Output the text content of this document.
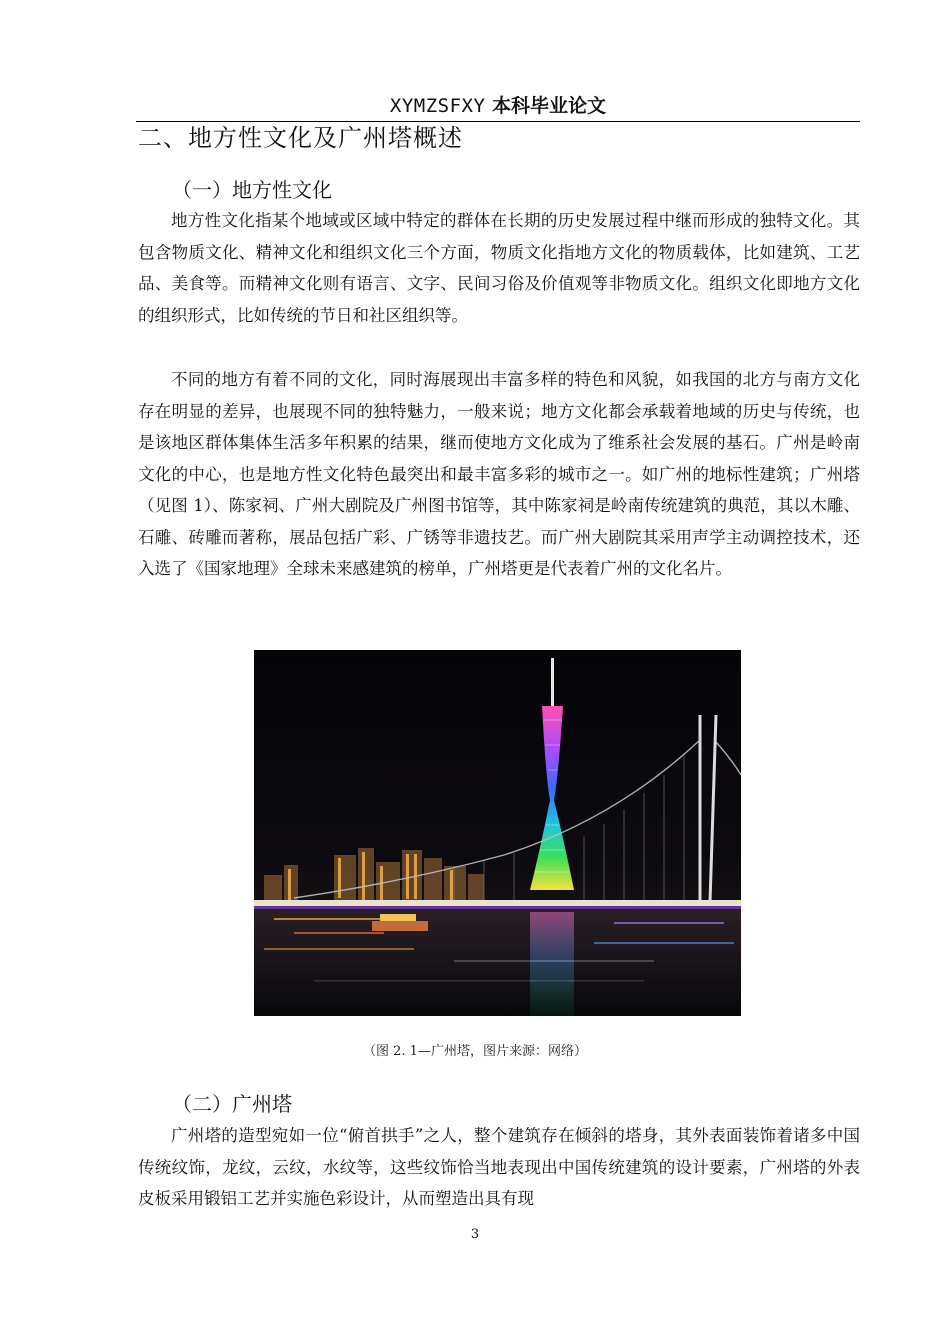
XYMZSFXY 本科毕业论文
二、地方性文化及广州塔概述
（一）地方性文化

地方性文化指某个地域或区域中特定的群体在长期的历史发展过程中继而形成的独特文化。其包含物质文化、精神文化和组织文化三个方面，物质文化指地方文化的物质载体，比如建筑、工艺品、美食等。而精神文化则有语言、文字、民间习俗及价值观等非物质文化。组织文化即地方文化的组织形式，比如传统的节日和社区组织等。

不同的地方有着不同的文化，同时海展现出丰富多样的特色和风貌，如我国的北方与南方文化存在明显的差异，也展现不同的独特魅力，一般来说；地方文化都会承载着地域的历史与传统，也是该地区群体集体生活多年积累的结果，继而使地方文化成为了维系社会发展的基石。广州是岭南文化的中心，也是地方性文化特色最突出和最丰富多彩的城市之一。如广州的地标性建筑；广州塔（见图 1）、陈家祠、广州大剧院及广州图书馆等，其中陈家祠是岭南传统建筑的典范，其以木雕、石雕、砖雕而著称，展品包括广彩、广锈等非遗技艺。而广州大剧院其采用声学主动调控技术，还入选了《国家地理》全球未来感建筑的榜单，广州塔更是代表着广州的文化名片。

（图 2. 1—广州塔，图片来源：网络）
（二）广州塔

广州塔的造型宛如一位“俯首拱手”之人，整个建筑存在倾斜的塔身，其外表面装饰着诸多中国传统纹饰，龙纹，云纹，水纹等，这些纹饰恰当地表现出中国传统建筑的设计要素，广州塔的外表皮板采用锻铝工艺并实施色彩设计，从而塑造出具有现

3
